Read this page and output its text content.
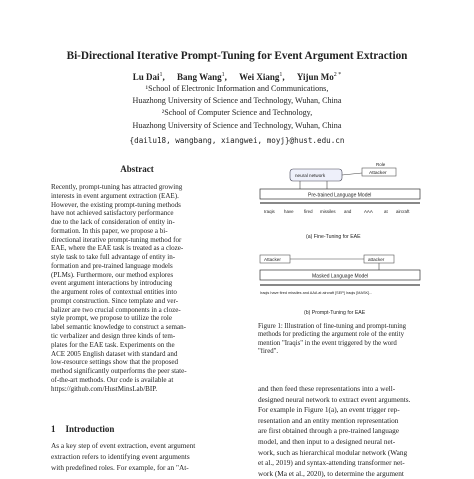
Bi-Directional Iterative Prompt-Tuning for Event Argument Extraction
Lu Dai$^1$, Bang Wang$^1$, Wei Xiang$^1$, Yijun $Mo^{2 *}$
¹School of Electronic Information and Communications,
Huazhong University of Science and Technology, Wuhan, China
²School of Computer Science and Technology,
Huazhong University of Science and Technology, Wuhan, China
{dailu18, wangbang, xiangwei, moyj}@hust.edu.cn
Abstract
Recently, prompt-tuning has attracted growing
interests in event argument extraction (EAE).
However, the existing prompt-tuning methods
have not achieved satisfactory performance
due to the lack of consideration of entity in-
formation. In this paper, we propose a bi-
directional iterative prompt-tuning method for
EAE, where the EAE task is treated as a cloze-
style task to take full advantage of entity in-
formation and pre-trained language models
(PLMs). Furthermore, our method explores
event argument interactions by introducing
the argument roles of contextual entities into
prompt construction. Since template and ver-
balizer are two crucial components in a cloze-
style prompt, we propose to utilize the role
label semantic knowledge to construct a seman-
tic verbalizer and design three kinds of tem-
plates for the EAE task. Experiments on the
ACE 2005 English dataset with standard and
low-resource settings show that the proposed
method significantly outperforms the peer state-
of-the-art methods. Our code is available at
https://github.com/HustMinsLab/BIP.
1 Introduction
As a key step of event extraction, event argument
extraction refers to identifying event arguments
with predefined roles. For example, for an "At-
Role
Attacker
neural network
Pre-trained Language Model
Iraqis have fired missiles and	AAA	at aircraft
(a) Fine-Tuning for EAE
Attacker	attacker
Masked Language Model
Iraqis have fired missiles and AAA at aircraft [SEP] Iraqis [MASK]...
(b) Prompt-Tuning for EAE
Figure 1: Illustration of fine-tuning and prompt-tuning
methods for predicting the argument role of the entity
mention "Iraqis" in the event triggered by the word
"fired".
and then feed these representations into a well-
designed neural network to extract event arguments.
For example in Figure 1(a), an event trigger rep-
resentation and an entity mention representation
are first obtained through a pre-trained language
model, and then input to a designed neural net-
work, such as hierarchical modular network (Wang
et al., 2019) and syntax-attending transformer net-
work (Ma et al., 2020), to determine the argument
